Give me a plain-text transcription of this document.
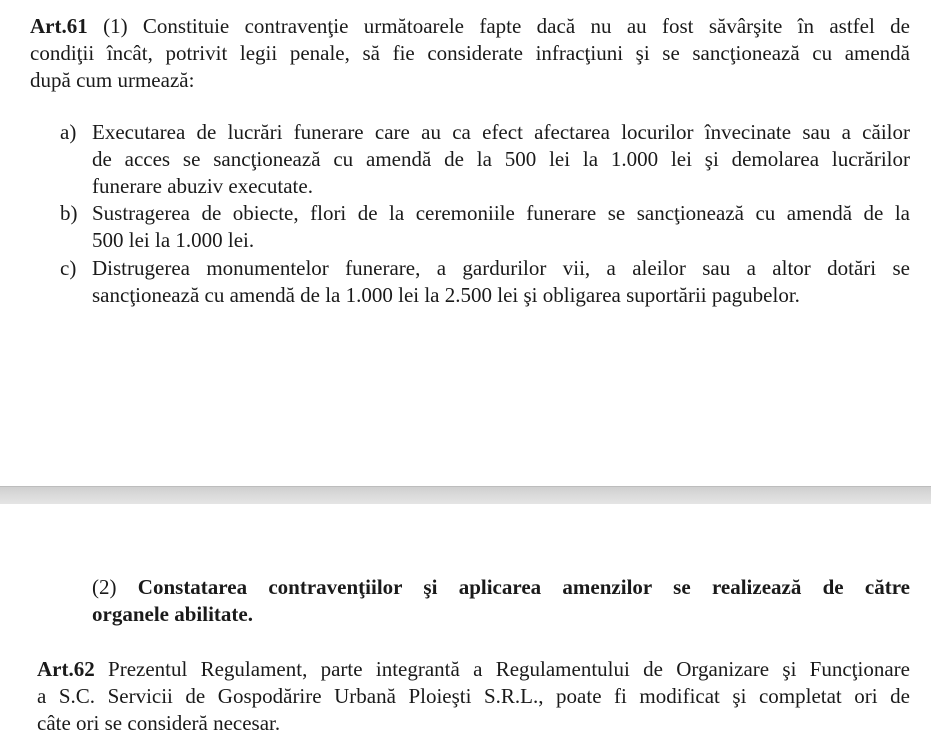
Art.61 (1) Constituie contravenţie următoarele fapte dacă nu au fost săvârşite în astfel de
condiţii încât, potrivit legii penale, să fie considerate infracţiuni şi se sancţionează cu amendă
după cum urmează:
a) Executarea de lucrări funerare care au ca efect afectarea locurilor învecinate sau a căilor
de acces se sancţionează cu amendă de la 500 lei la 1.000 lei şi demolarea lucrărilor
funerare abuziv executate.
b) Sustragerea de obiecte, flori de la ceremoniile funerare se sancţionează cu amendă de la
500 lei la 1.000 lei.
c) Distrugerea monumentelor funerare, a gardurilor vii, a aleilor sau a altor dotări se
sancţionează cu amendă de la 1.000 lei la 2.500 lei şi obligarea suportării pagubelor.
(2) Constatarea contravenţiilor şi aplicarea amenzilor se realizează de către
organele abilitate.
Art.62 Prezentul Regulament, parte integrantă a Regulamentului de Organizare şi Funcţionare
a S.C. Servicii de Gospodărire Urbană Ploieşti S.R.L., poate fi modificat şi completat ori de
câte ori se consideră necesar.
